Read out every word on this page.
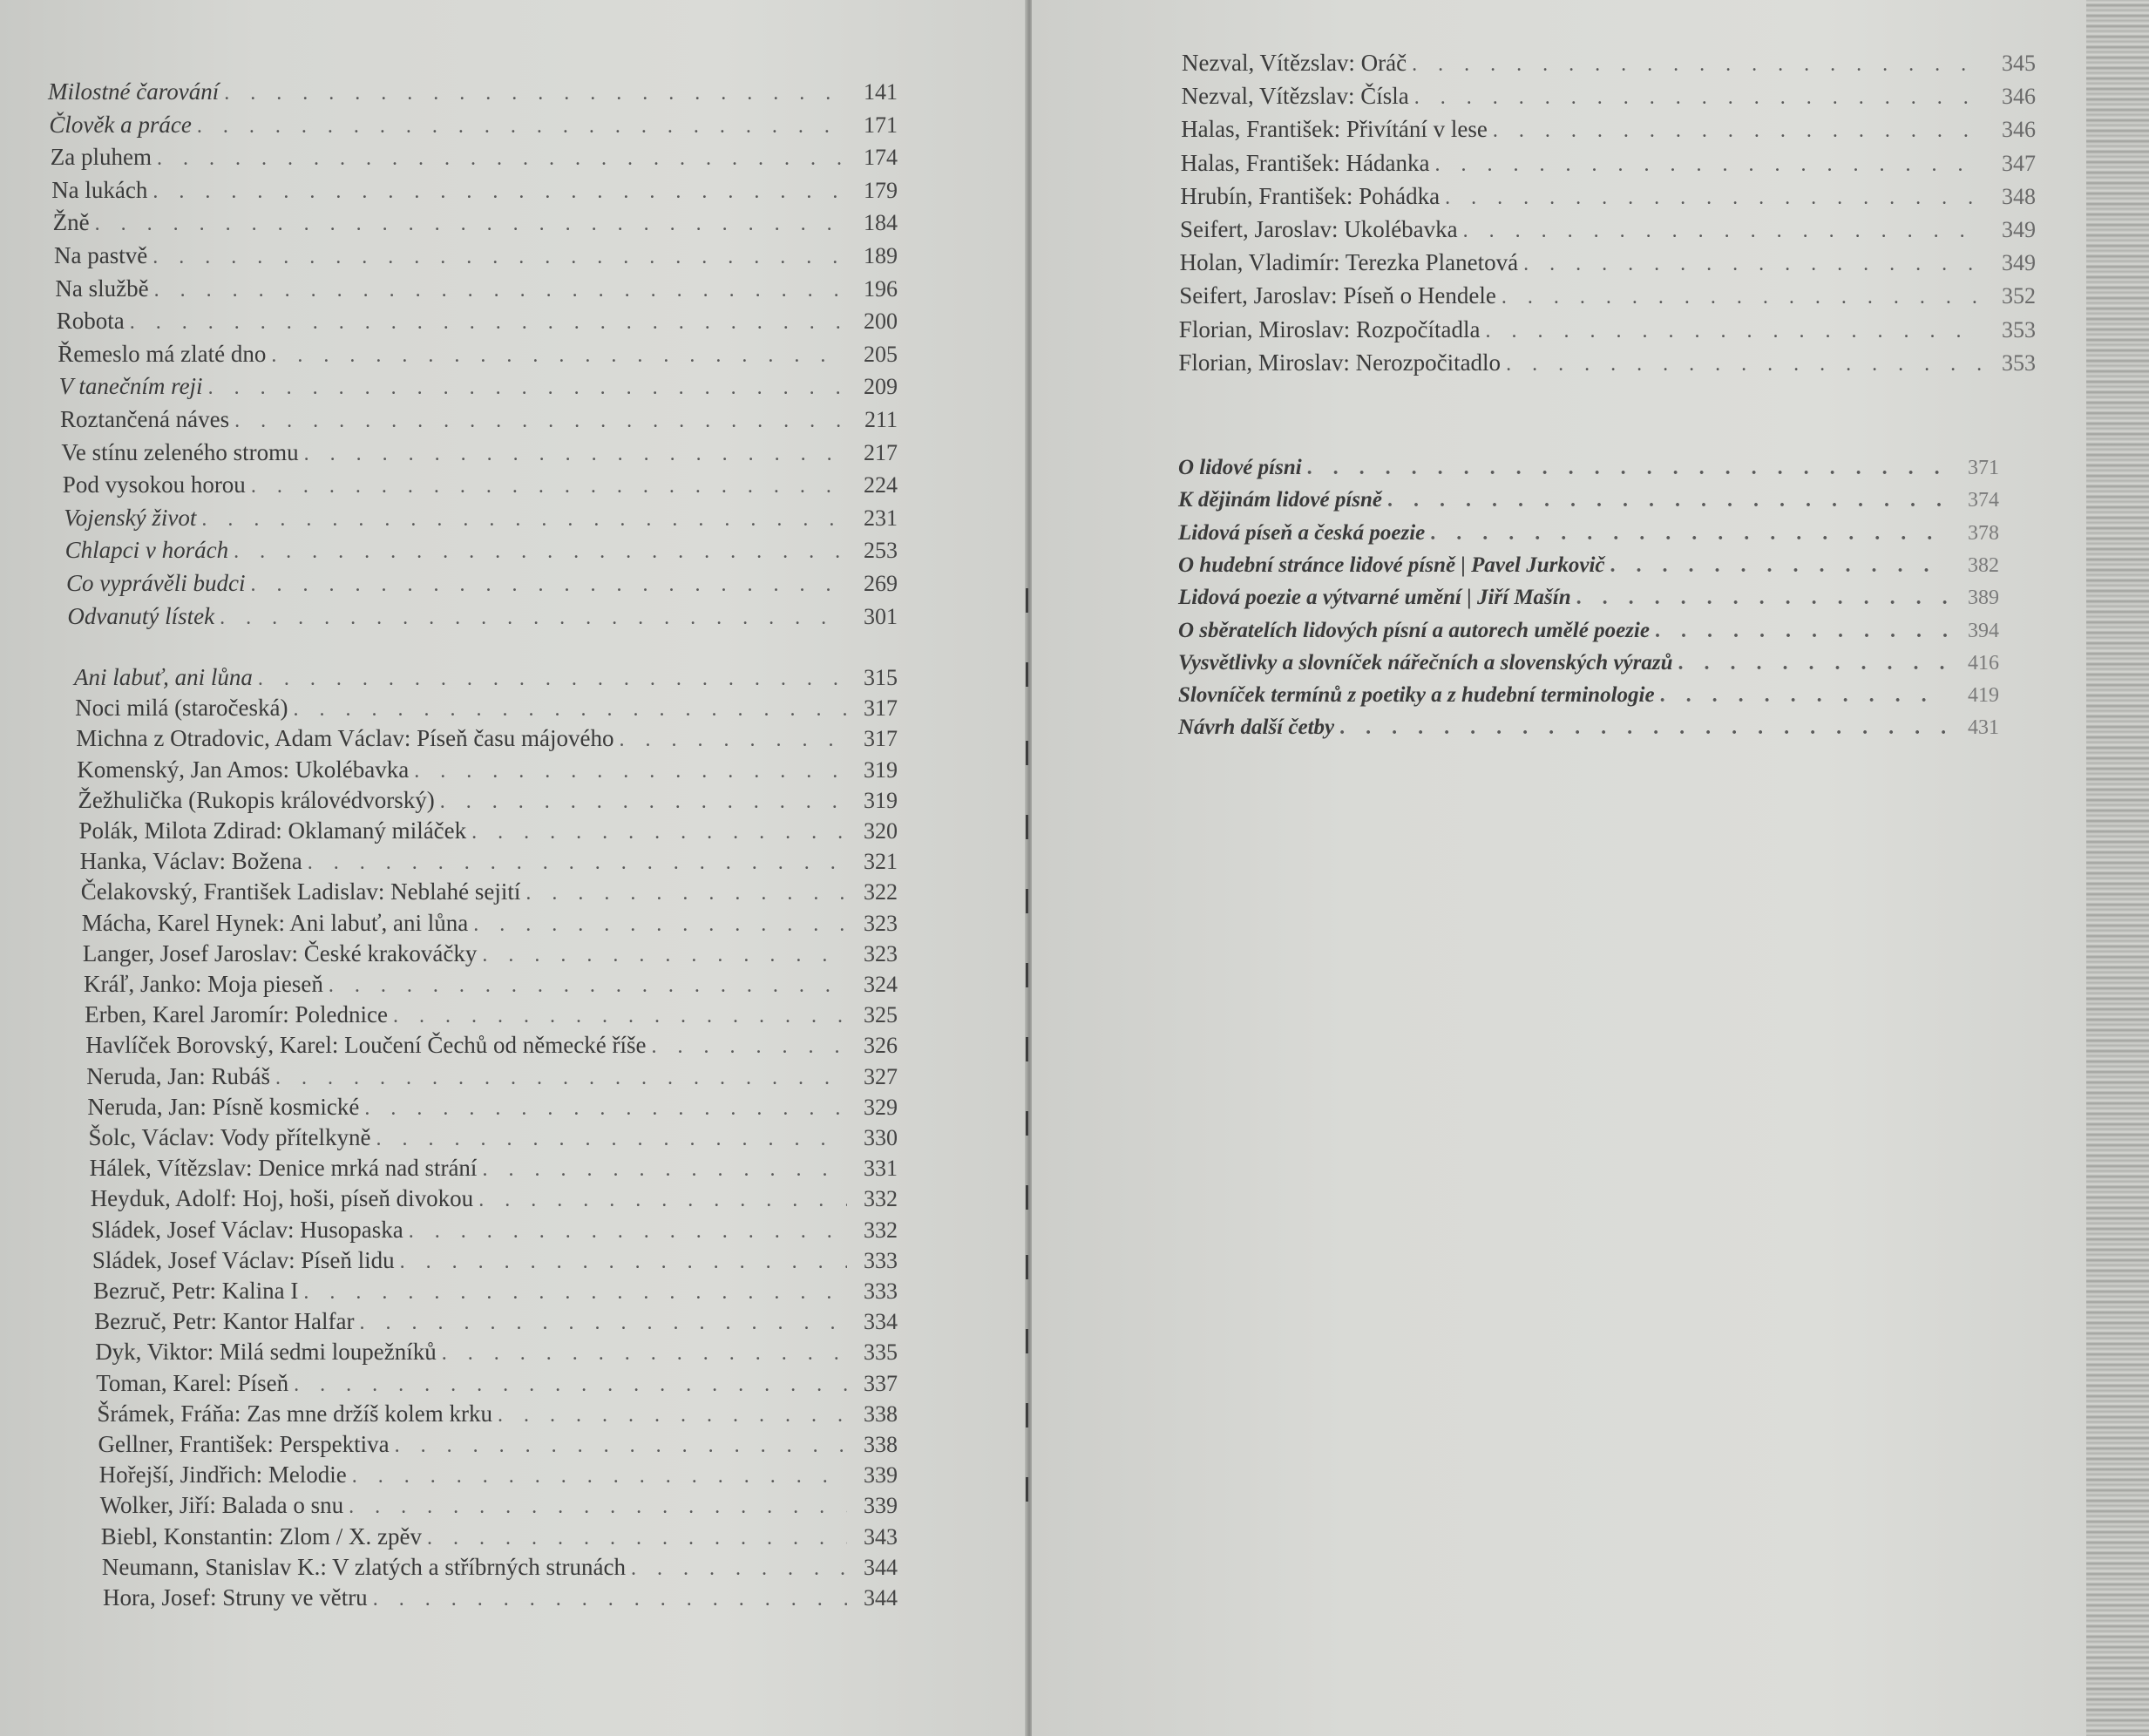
Milostné čarování . . .	141
Člověk a práce . . .	171
Za pluhem . . .	174
Na lukách . . .	179
Žně . . .	184
Na pastvě . . .	189
Na službě . . .	196
Robota . . .	200
Řemeslo má zlaté dno . . .	205
V tanečním reji . . .	209
Roztančená náves . . .	211
Ve stínu zeleného stromu . . .	217
Pod vysokou horou . . .	224
Vojenský život . . .	231
Chlapci v horách . . .	253
Co vyprávěli budci . . .	269
Odvanutý lístek . . .	301
Ani labuť, ani lůna . . .	315
Noci milá (staročeská) . . .	317
Michna z Otradovic, Adam Václav: Píseň času májového . . .	317
Komenský, Jan Amos: Ukolébavka . . .	319
Žežhulička (Rukopis královédvorský) . . .	319
Polák, Milota Zdirad: Oklamaný miláček . . .	320
Hanka, Václav: Božena . . .	321
Čelakovský, František Ladislav: Neblahé sejití . . .	322
Mácha, Karel Hynek: Ani labuť, ani lůna . . .	323
Langer, Josef Jaroslav: České krakováčky . . .	323
Kráľ, Janko: Moja pieseň . . .	324
Erben, Karel Jaromír: Polednice . . .	325
Havlíček Borovský, Karel: Loučení Čechů od německé říše . . .	326
Neruda, Jan: Rubáš . . .	327
Neruda, Jan: Písně kosmické . . .	329
Šolc, Václav: Vody přítelkyně . . .	330
Hálek, Vítězslav: Denice mrká nad strání . . .	331
Heyduk, Adolf: Hoj, hoši, píseň divokou . . .	332
Sládek, Josef Václav: Husopaska . . .	332
Sládek, Josef Václav: Píseň lidu . . .	333
Bezruč, Petr: Kalina I . . .	333
Bezruč, Petr: Kantor Halfar . . .	334
Dyk, Viktor: Milá sedmi loupežníků . . .	335
Toman, Karel: Píseň . . .	337
Šrámek, Fráňa: Zas mne držíš kolem krku . . .	338
Gellner, František: Perspektiva . . .	338
Hořejší, Jindřich: Melodie . . .	339
Wolker, Jiří: Balada o snu . . .	339
Biebl, Konstantin: Zlom / X. zpěv . . .	343
Neumann, Stanislav K.: V zlatých a stříbrných strunách . . .	344
Hora, Josef: Struny ve větru . . .	344
Nezval, Vítězslav: Oráč . . .	345
Nezval, Vítězslav: Čísla . . .	346
Halas, František: Přivítání v lese . . .	346
Halas, František: Hádanka . . .	347
Hrubín, František: Pohádka . . .	348
Seifert, Jaroslav: Ukolébavka . . .	349
Holan, Vladimír: Terezka Planetová . . .	349
Seifert, Jaroslav: Píseň o Hendele . . .	352
Florian, Miroslav: Rozpočítadla . . .	353
Florian, Miroslav: Nerozpočitadlo . . .	353
O lidové písni . . .	371
K dějinám lidové písně . . .	374
Lidová píseň a česká poezie . . .	378
O hudební stránce lidové písně | Pavel Jurkovič . . .	382
Lidová poezie a výtvarné umění | Jiří Mašín . . .	389
O sběratelích lidových písní a autorech umělé poezie . . .	394
Vysvětlivky a slovníček nářečních a slovenských výrazů . . .	416
Slovníček termínů z poetiky a z hudební terminologie . . .	419
Návrh další četby . . .	431
